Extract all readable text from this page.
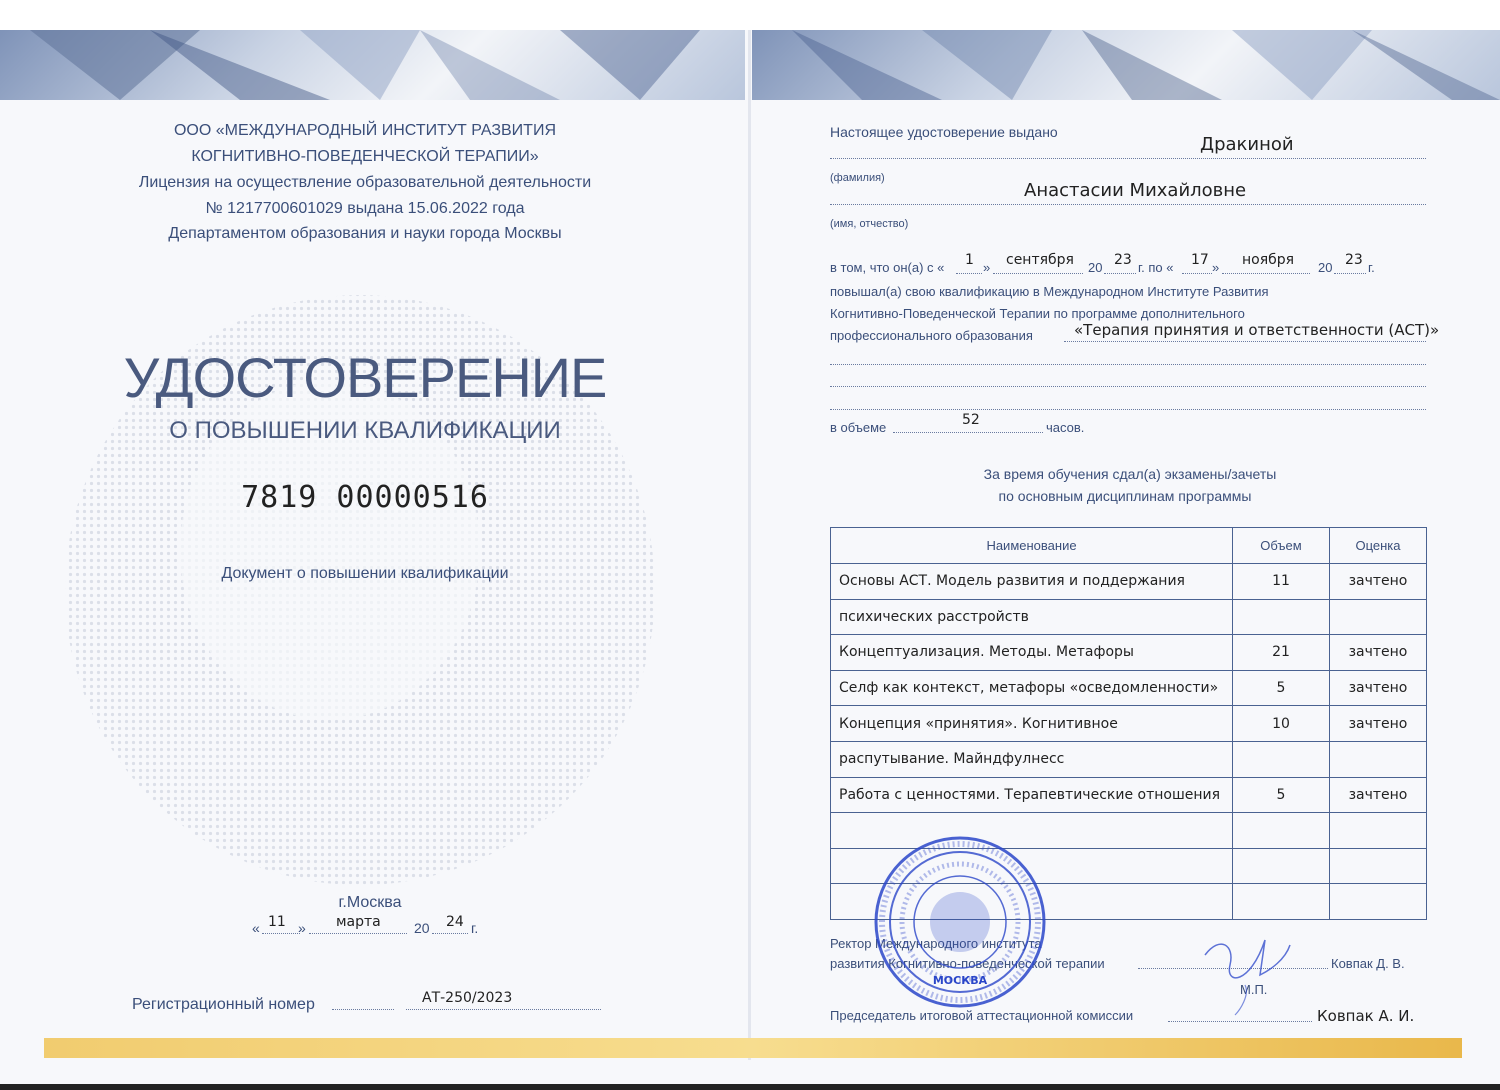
ООО «МЕЖДУНАРОДНЫЙ ИНСТИТУТ РАЗВИТИЯ
КОГНИТИВНО-ПОВЕДЕНЧЕСКОЙ ТЕРАПИИ»
Лицензия на осуществление образовательной деятельности
№ 1217700601029 выдана 15.06.2022 года
Департаментом образования и науки города Москвы
УДОСТОВЕРЕНИЕ
О ПОВЫШЕНИИ КВАЛИФИКАЦИИ
7819 00000516
Документ о повышении квалификации
г.Москва
« 11 » марта 20 24 г.
Регистрационный номер	АТ-250/2023
Настоящее удостоверение выдано
Дракиной
(фамилия)
Анастасии Михайловне
(имя, отчество)
в том, что он(а) с « 1 » сентября 20 23 г. по « 17 » ноября 20 23 г.
повышал(а) свою квалификацию в Международном Институте Развития
Когнитивно-Поведенческой Терапии по программе дополнительного
профессионального образования	«Терапия принятия и ответственности (АСТ)»
в объеме	52	часов.
За время обучения сдал(а) экзамены/зачеты
по основным дисциплинам программы
Наименование	Объем	Оценка
Основы АСТ. Модель развития и поддержания	11	зачтено
психических расстройств		
Концептуализация. Методы. Метафоры	21	зачтено
Селф как контекст, метафоры «осведомленности»	5	зачтено
Концепция «принятия». Когнитивное	10	зачтено
распутывание. Майндфулнесс		
Работа с ценностями. Терапевтические отношения	5	зачтено

Ректор Международного института
развития Когнитивно-поведенческой терапии	Ковпак Д. В.
М.П.
Председатель итоговой аттестационной комиссии	Ковпак А. И.
МОСКВА
